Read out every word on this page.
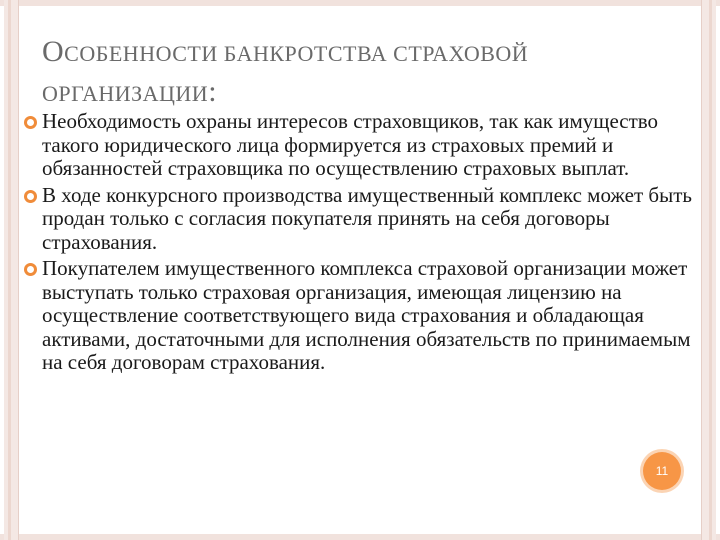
ОСОБЕННОСТИ БАНКРОТСТВА СТРАХОВОЙ
ОРГАНИЗАЦИИ:
Необходимость охраны интересов страховщиков, так как имущество такого юридического лица формируется из страховых премий и обязанностей страховщика по осуществлению страховых выплат.
В ходе конкурсного производства имущественный комплекс может быть продан только с согласия покупателя принять на себя договоры страхования.
Покупателем имущественного комплекса страховой организации может выступать только страховая организация, имеющая лицензию на осуществление соответствующего вида страхования и обладающая активами, достаточными для исполнения обязательств по принимаемым на себя договорам страхования.
11
